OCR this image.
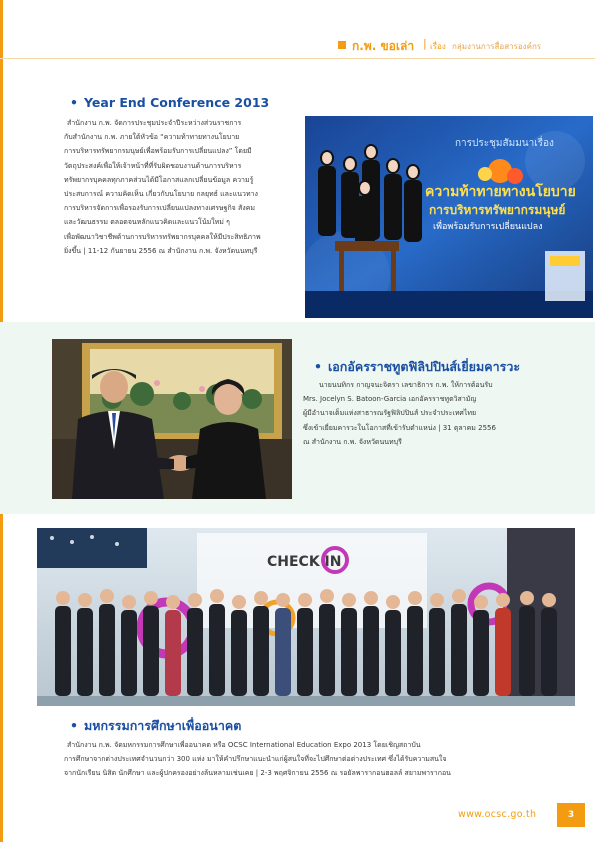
ก.พ. ขอเล่า | เรื่อง กลุ่มงานการสื่อสารองค์กร
• Year End Conference 2013
สำนักงาน ก.พ. จัดการประชุมประจำปีระหว่างส่วนราชการ
กับสำนักงาน ก.พ. ภายใต้หัวข้อ “ความท้าทายทางนโยบาย
การบริหารทรัพยากรมนุษย์เพื่อพร้อมรับการเปลี่ยนแปลง” โดยมี
วัตถุประสงค์เพื่อให้เจ้าหน้าที่ที่รับผิดชอบงานด้านการบริหาร
ทรัพยากรบุคคลทุกภาคส่วนได้มีโอกาสแลกเปลี่ยนข้อมูล ความรู้
ประสบการณ์ ความคิดเห็น เกี่ยวกับนโยบาย กลยุทธ์ และแนวทาง
การบริหารจัดการเพื่อรองรับการเปลี่ยนแปลงทางเศรษฐกิจ สังคม
และวัฒนธรรม ตลอดจนหลักแนวคิดและแนวโน้มใหม่ ๆ
เพื่อพัฒนาวิชาชีพด้านการบริหารทรัพยากรบุคคลให้มีประสิทธิภาพ
ยิ่งขึ้น | 11-12 กันยายน 2556 ณ สำนักงาน ก.พ. จังหวัดนนทบุรี
การประชุมสัมมนาเรื่อง
ความท้าทายทางนโยบาย
การบริหารทรัพยากรมนุษย์
เพื่อพร้อมรับการเปลี่ยนแปลง
• เอกอัครราชทูตฟิลิปปินส์เยี่ยมคารวะ
นายนนทิกร กาญจนะจิตรา เลขาธิการ ก.พ. ให้การต้อนรับ
Mrs. Jocelyn S. Batoon-Garcia เอกอัครราชทูตวิสามัญ
ผู้มีอำนาจเต็มแห่งสาธารณรัฐฟิลิปปินส์ ประจำประเทศไทย
ซึ่งเข้าเยี่ยมคารวะในโอกาสที่เข้ารับตำแหน่ง | 31 ตุลาคม 2556
ณ สำนักงาน ก.พ. จังหวัดนนทบุรี
CHECK IN
• มหกรรมการศึกษาเพื่ออนาคต
สำนักงาน ก.พ. จัดมหกรรมการศึกษาเพื่ออนาคต หรือ OCSC International Education Expo 2013 โดยเชิญสถาบัน
การศึกษาจากต่างประเทศจำนวนกว่า 300 แห่ง มาให้คำปรึกษาแนะนำแก่ผู้สนใจที่จะไปศึกษาต่อต่างประเทศ ซึ่งได้รับความสนใจ
จากนักเรียน นิสิต นักศึกษา และผู้ปกครองอย่างล้นหลามเช่นเคย | 2-3 พฤศจิกายน 2556 ณ รอยัลพารากอนฮอลล์ สยามพารากอน
www.ocsc.go.th	3
